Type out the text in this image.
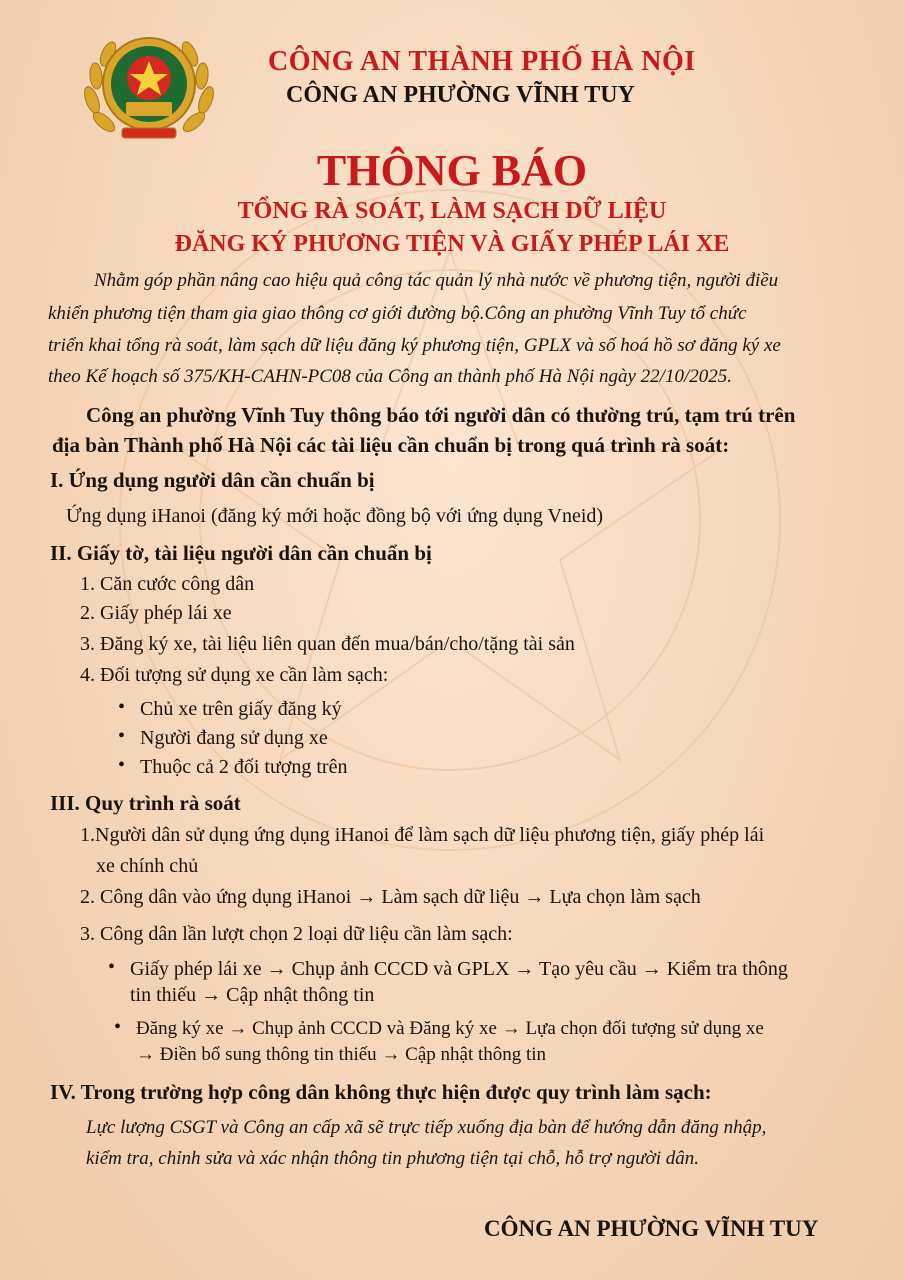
CÔNG AN THÀNH PHỐ HÀ NỘI
CÔNG AN PHƯỜNG VĨNH TUY
THÔNG BÁO
TỔNG RÀ SOÁT, LÀM SẠCH DỮ LIỆU
ĐĂNG KÝ PHƯƠNG TIỆN VÀ GIẤY PHÉP LÁI XE
Nhằm góp phần nâng cao hiệu quả công tác quản lý nhà nước về phương tiện, người điều
khiển phương tiện tham gia giao thông cơ giới đường bộ.Công an phường Vĩnh Tuy tổ chức
triển khai tổng rà soát, làm sạch dữ liệu đăng ký phương tiện, GPLX và số hoá hồ sơ đăng ký xe
theo Kế hoạch số 375/KH-CAHN-PC08 của Công an thành phố Hà Nội ngày 22/10/2025.
Công an phường Vĩnh Tuy thông báo tới người dân có thường trú, tạm trú trên
địa bàn Thành phố Hà Nội các tài liệu cần chuẩn bị trong quá trình rà soát:
I. Ứng dụng người dân cần chuẩn bị
Ứng dụng iHanoi (đăng ký mới hoặc đồng bộ với ứng dụng Vneid)
II. Giấy tờ, tài liệu người dân cần chuẩn bị
1. Căn cước công dân
2. Giấy phép lái xe
3. Đăng ký xe, tài liệu liên quan đến mua/bán/cho/tặng tài sản
4. Đối tượng sử dụng xe cần làm sạch:
• Chủ xe trên giấy đăng ký
• Người đang sử dụng xe
• Thuộc cả 2 đối tượng trên
III. Quy trình rà soát
1.Người dân sử dụng ứng dụng iHanoi để làm sạch dữ liệu phương tiện, giấy phép lái
xe chính chủ
2. Công dân vào ứng dụng iHanoi → Làm sạch dữ liệu → Lựa chọn làm sạch
3. Công dân lần lượt chọn 2 loại dữ liệu cần làm sạch:
• Giấy phép lái xe → Chụp ảnh CCCD và GPLX → Tạo yêu cầu → Kiểm tra thông
tin thiếu → Cập nhật thông tin
• Đăng ký xe → Chụp ảnh CCCD và Đăng ký xe → Lựa chọn đối tượng sử dụng xe
→ Điền bổ sung thông tin thiếu → Cập nhật thông tin
IV. Trong trường hợp công dân không thực hiện được quy trình làm sạch:
Lực lượng CSGT và Công an cấp xã sẽ trực tiếp xuống địa bàn để hướng dẫn đăng nhập,
kiểm tra, chỉnh sửa và xác nhận thông tin phương tiện tại chỗ, hỗ trợ người dân.
CÔNG AN PHƯỜNG VĨNH TUY
